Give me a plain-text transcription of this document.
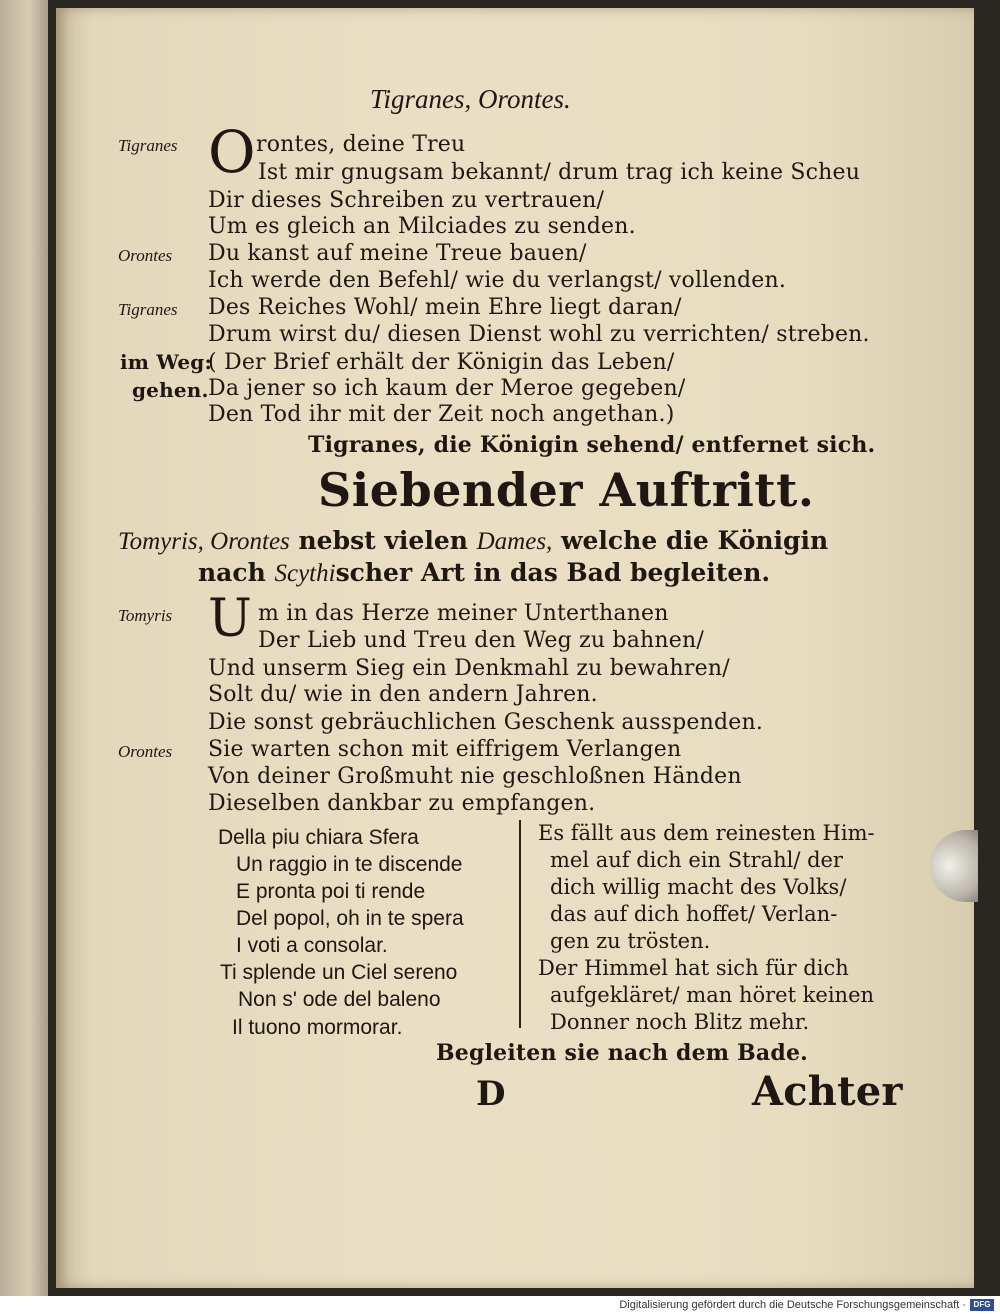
Tigranes, Orontes.
Tigranes O rontes, deine Treu
Ist mir gnugsam bekannt/ drum trag ich keine Scheu
Dir dieses Schreiben zu vertrauen/
Um es gleich an Milciades zu senden.
Orontes Du kanst auf meine Treue bauen/
Ich werde den Befehl/ wie du verlangst/ vollenden.
Tigranes Des Reiches Wohl/ mein Ehre liegt daran/
Drum wirst du/ diesen Dienst wohl zu verrichten/ streben.
im Weg:
( Der Brief erhält der Königin das Leben/
gehen. Da jener so ich kaum der Meroe gegeben/
Den Tod ihr mit der Zeit noch angethan.)
Tigranes, die Königin sehend/ entfernet sich.
Siebender Auftritt.
Tomyris, Orontes nebst vielen Dames, welche die Königin
nach Scythischer Art in das Bad begleiten.
Tomyris U m in das Herze meiner Unterthanen
Der Lieb und Treu den Weg zu bahnen/
Und unserm Sieg ein Denkmahl zu bewahren/
Solt du/ wie in den andern Jahren.
Die sonst gebräuchlichen Geschenk ausspenden.
Orontes Sie warten schon mit eiffrigem Verlangen
Von deiner Großmuht nie geschloßnen Händen
Dieselben dankbar zu empfangen.
Della piu chiara Sfera
Un raggio in te discende
E pronta poi ti rende
Del popol, oh in te spera
I voti a consolar.
Ti splende un Ciel sereno
Non s' ode del baleno
Il tuono mormorar.
Es fällt aus dem reinesten Him-
mel auf dich ein Strahl/ der
dich willig macht des Volks/
das auf dich hoffet/ Verlan-
gen zu trösten.
Der Himmel hat sich für dich
aufgekläret/ man höret keinen
Donner noch Blitz mehr.
Begleiten sie nach dem Bade.
D	Achter
Digitalisierung gefördert durch die Deutsche Forschungsgemeinschaft · DFG
